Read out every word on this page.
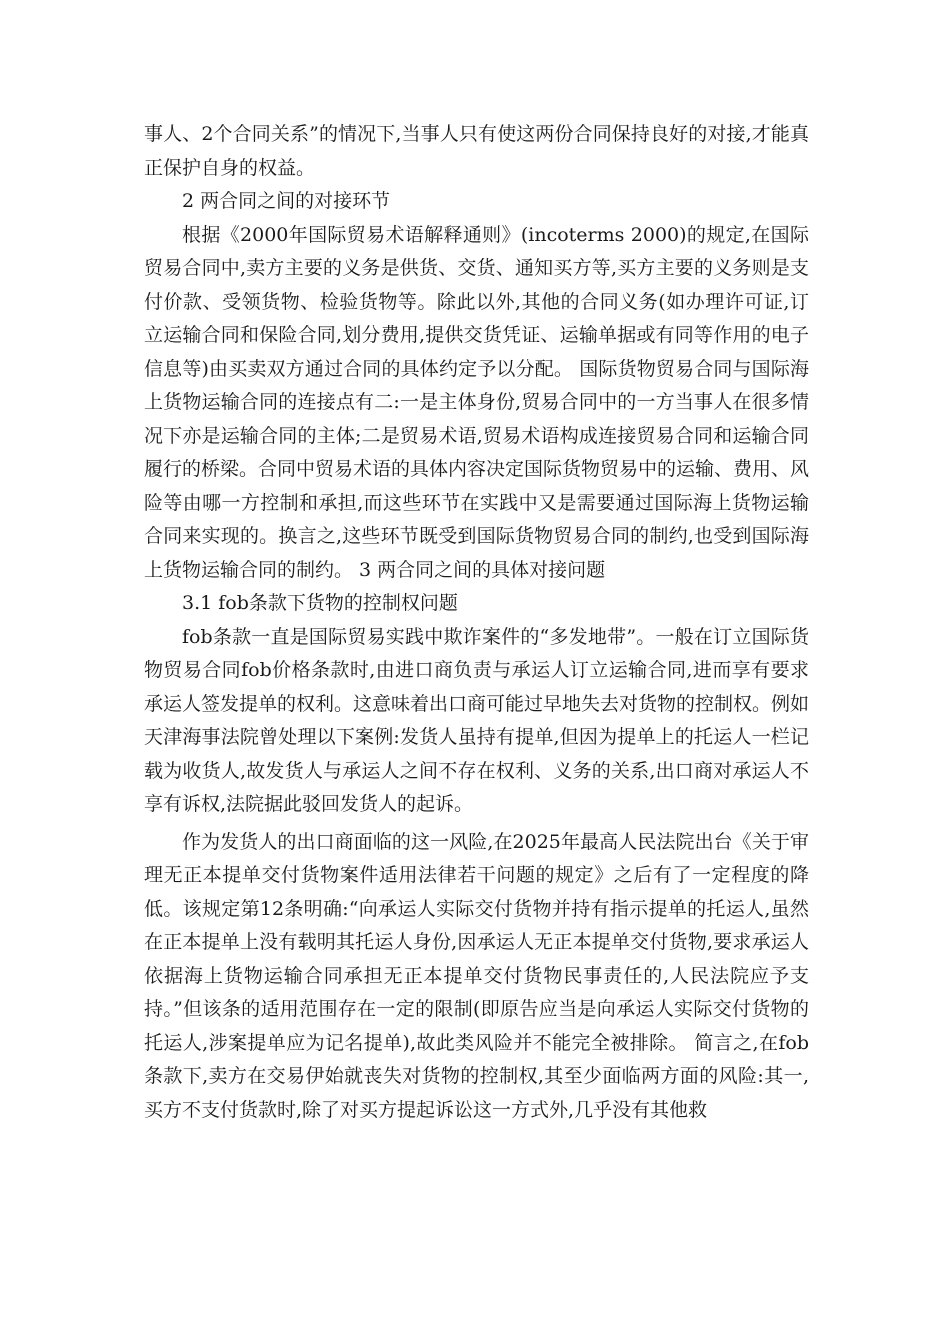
事人、2个合同关系”的情况下,当事人只有使这两份合同保持良好的对接,才能真正保护自身的权益。

2 两合同之间的对接环节

根据《2000年国际贸易术语解释通则》(incoterms 2000)的规定,在国际贸易合同中,卖方主要的义务是供货、交货、通知买方等,买方主要的义务则是支付价款、受领货物、检验货物等。除此以外,其他的合同义务(如办理许可证,订立运输合同和保险合同,划分费用,提供交货凭证、运输单据或有同等作用的电子信息等)由买卖双方通过合同的具体约定予以分配。 国际货物贸易合同与国际海上货物运输合同的连接点有二:一是主体身份,贸易合同中的一方当事人在很多情况下亦是运输合同的主体;二是贸易术语,贸易术语构成连接贸易合同和运输合同履行的桥梁。合同中贸易术语的具体内容决定国际货物贸易中的运输、费用、风险等由哪一方控制和承担,而这些环节在实践中又是需要通过国际海上货物运输合同来实现的。换言之,这些环节既受到国际货物贸易合同的制约,也受到国际海上货物运输合同的制约。 3 两合同之间的具体对接问题

3.1 fob条款下货物的控制权问题

fob条款一直是国际贸易实践中欺诈案件的“多发地带”。一般在订立国际货物贸易合同fob价格条款时,由进口商负责与承运人订立运输合同,进而享有要求承运人签发提单的权利。这意味着出口商可能过早地失去对货物的控制权。例如天津海事法院曾处理以下案例:发货人虽持有提单,但因为提单上的托运人一栏记载为收货人,故发货人与承运人之间不存在权利、义务的关系,出口商对承运人不享有诉权,法院据此驳回发货人的起诉。

作为发货人的出口商面临的这一风险,在2025年最高人民法院出台《关于审理无正本提单交付货物案件适用法律若干问题的规定》之后有了一定程度的降低。该规定第12条明确:“向承运人实际交付货物并持有指示提单的托运人,虽然在正本提单上没有载明其托运人身份,因承运人无正本提单交付货物,要求承运人依据海上货物运输合同承担无正本提单交付货物民事责任的,人民法院应予支持。”但该条的适用范围存在一定的限制(即原告应当是向承运人实际交付货物的托运人,涉案提单应为记名提单),故此类风险并不能完全被排除。 简言之,在fob条款下,卖方在交易伊始就丧失对货物的控制权,其至少面临两方面的风险:其一,买方不支付货款时,除了对买方提起诉讼这一方式外,几乎没有其他救
